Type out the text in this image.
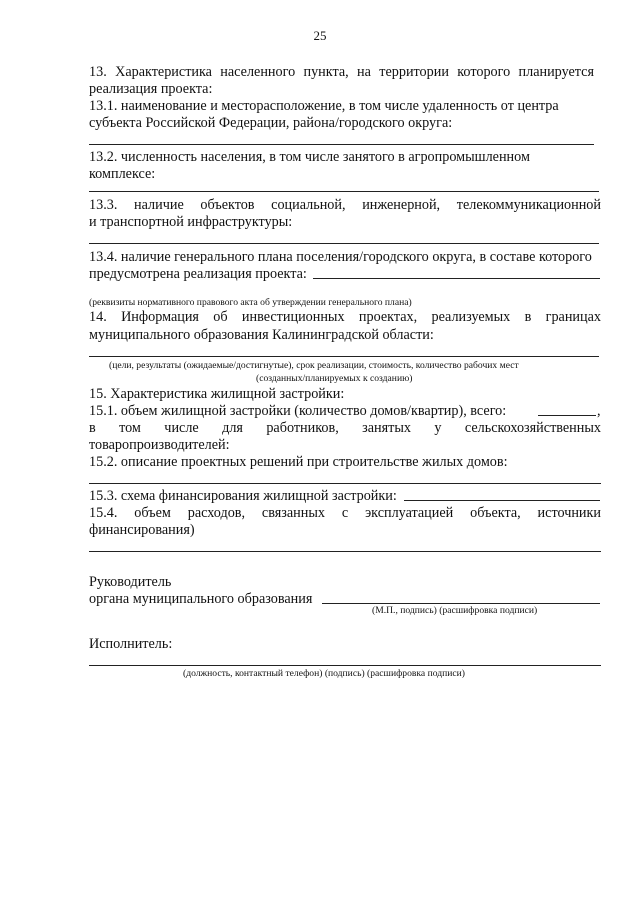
25
13. Характеристика населенного пункта, на территории которого планируется
реализация проекта:
13.1. наименование и месторасположение, в том числе удаленность от центра
субъекта Российской Федерации, района/городского округа:
13.2. численность населения, в том числе занятого в агропромышленном
комплексе:
13.3. наличие объектов социальной, инженерной, телекоммуникационной
и транспортной инфраструктуры:
13.4. наличие генерального плана поселения/городского округа, в составе которого
предусмотрена реализация проекта:
(реквизиты нормативного правового акта об утверждении генерального плана)
14. Информация об инвестиционных проектах, реализуемых в границах
муниципального образования Калининградской области:
(цели, результаты (ожидаемые/достигнутые), срок реализации, стоимость, количество рабочих мест
(созданных/планируемых к созданию)
15. Характеристика жилищной застройки:
15.1. объем жилищной застройки (количество домов/квартир), всего:	,
в том числе для работников, занятых у сельскохозяйственных
товаропроизводителей:
15.2. описание проектных решений при строительстве жилых домов:
15.3. схема финансирования жилищной застройки:
15.4. объем расходов, связанных с эксплуатацией объекта, источники
финансирования)
Руководитель
органа муниципального образования
(М.П., подпись) (расшифровка подписи)
Исполнитель:
(должность, контактный телефон) (подпись) (расшифровка подписи)
